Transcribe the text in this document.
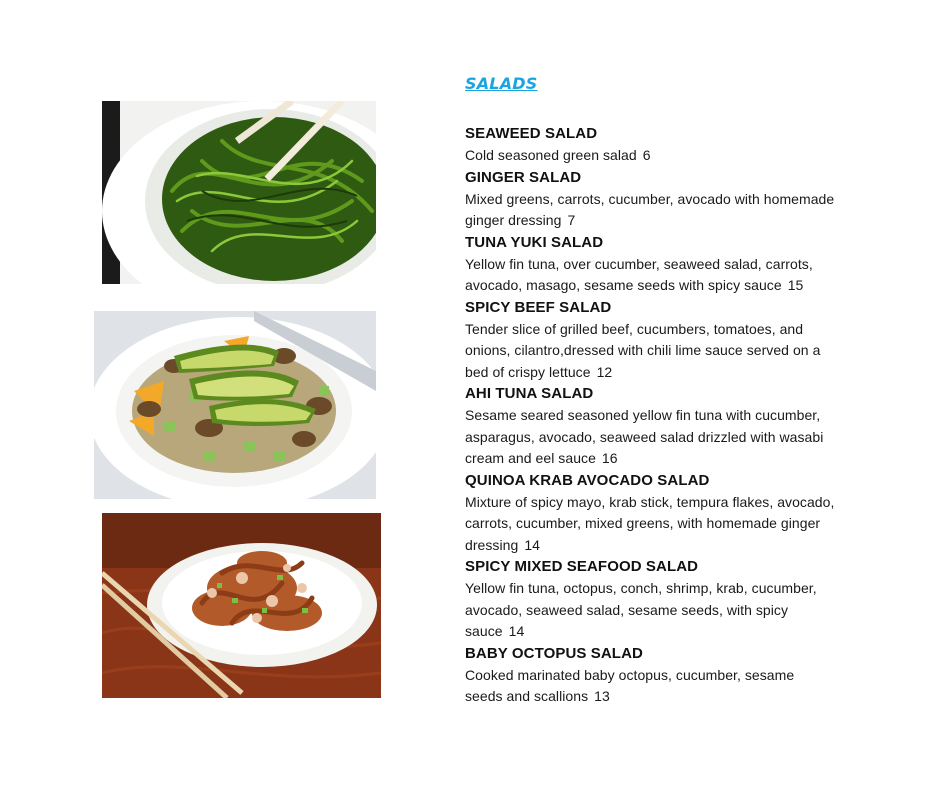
SALADS
SEAWEED SALAD
Cold seasoned green salad 6
GINGER SALAD
Mixed greens, carrots, cucumber, avocado with homemade ginger dressing 7
TUNA YUKI SALAD
Yellow fin tuna, over cucumber, seaweed salad, carrots, avocado, masago, sesame seeds with spicy sauce 15
SPICY BEEF SALAD
Tender slice of grilled beef, cucumbers, tomatoes, and onions, cilantro,dressed with chili lime sauce served on a bed of crispy lettuce 12
AHI TUNA SALAD
Sesame seared seasoned yellow fin tuna with cucumber, asparagus, avocado, seaweed salad drizzled with wasabi cream and eel sauce 16
QUINOA KRAB AVOCADO SALAD
Mixture of spicy mayo, krab stick, tempura flakes, avocado, carrots, cucumber, mixed greens, with homemade ginger dressing 14
SPICY MIXED SEAFOOD SALAD
Yellow fin tuna, octopus, conch, shrimp, krab, cucumber, avocado, seaweed salad, sesame seeds, with spicy sauce 14
BABY OCTOPUS SALAD
Cooked marinated baby octopus, cucumber, sesame seeds and scallions 13
